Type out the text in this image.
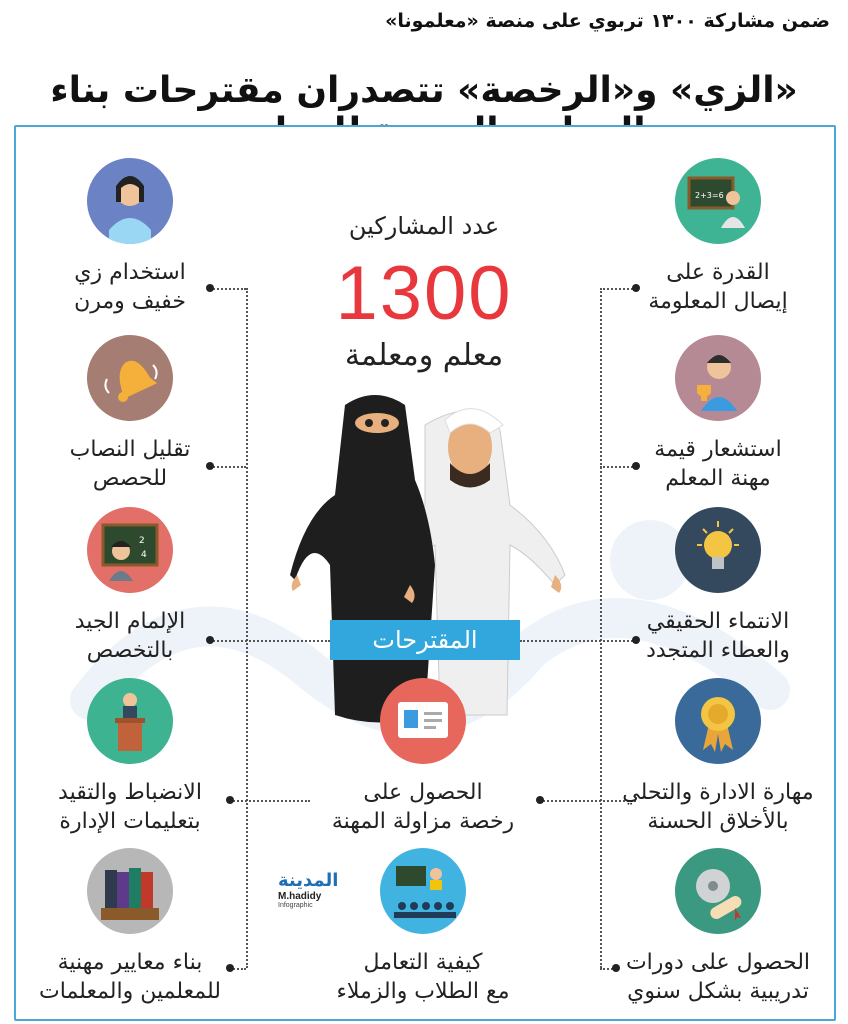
ضمن مشاركة ١٣٠٠ تربوي على منصة «معلمونا»
«الزي» و«الرخصة» تتصدران مقترحات بناء
عدد المشاركين
1300
معلم ومعلمة
المقترحات
استخدام زي
خفيف ومرن
تقليل النصاب
للحصص
2
4
الإلمام الجيد
بالتخصص
الانضباط والتقيد
بتعليمات الإدارة
بناء معايير مهنية
للمعلمين والمعلمات
2+3=6
القدرة على
إيصال المعلومة
استشعار قيمة
مهنة المعلم
الانتماء الحقيقي
والعطاء المتجدد
مهارة الادارة والتحلي
بالأخلاق الحسنة
الحصول على دورات
تدريبية بشكل سنوي
الحصول على
رخصة مزاولة المهنة
كيفية التعامل
مع الطلاب والزملاء
المدينة
M.hadidy
Infographic
